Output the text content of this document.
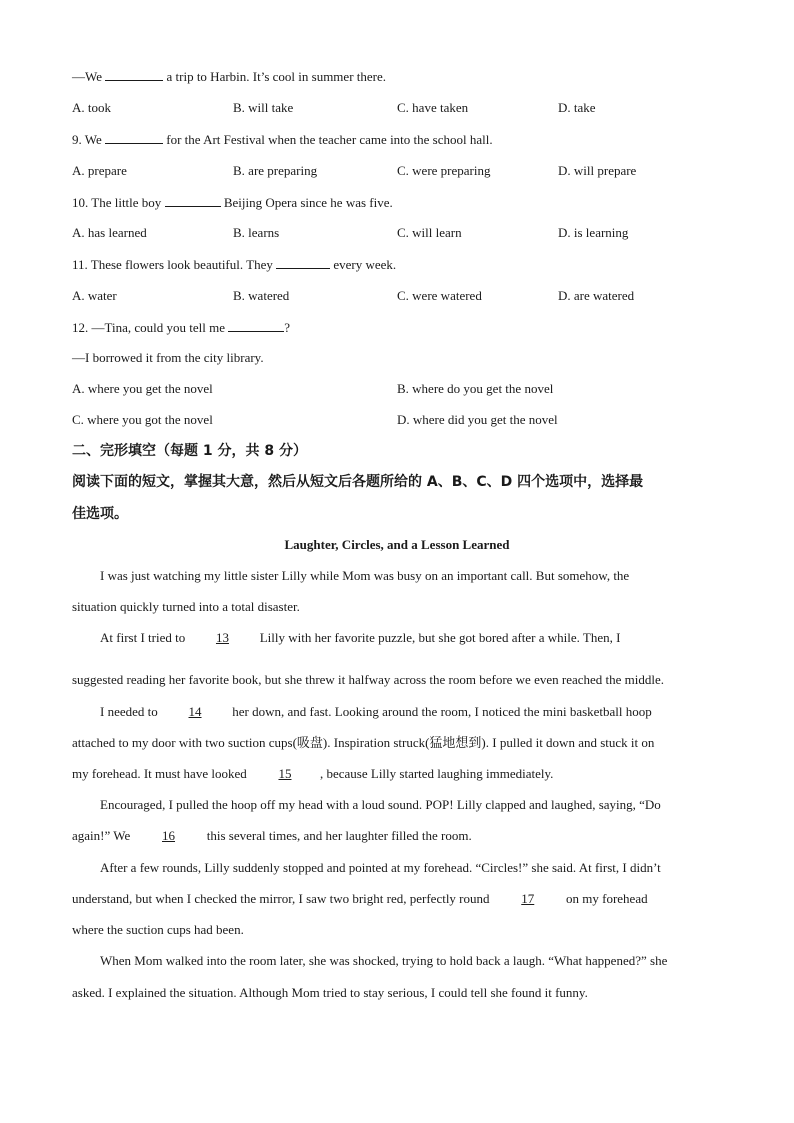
—We	a trip to Harbin. It’s cool in summer there.
A. took	B. will take	C. have taken	D. take
9. We	for the Art Festival when the teacher came into the school hall.
A. prepare	B. are preparing	C. were preparing	D. will prepare
10. The little boy	Beijing Opera since he was five.
A. has learned	B. learns	C. will learn	D. is learning
11. These flowers look beautiful. They	every week.
A. water	B. watered	C. were watered	D. are watered
12. —Tina, could you tell me	?
—I borrowed it from the city library.
A. where you get the novel	B. where do you get the novel
C. where you got the novel	D. where did you get the novel
二、完形填空（每题 1 分，共 8 分）
阅读下面的短文，掌握其大意，然后从短文后各题所给的 A、B、C、D 四个选项中，选择最
佳选项。
Laughter, Circles, and a Lesson Learned
I was just watching my little sister Lilly while Mom was busy on an important call. But somehow, the
situation quickly turned into a total disaster.
At first I tried to 13 Lilly with her favorite puzzle, but she got bored after a while. Then, I
suggested reading her favorite book, but she threw it halfway across the room before we even reached the middle.
I needed to 14 her down, and fast. Looking around the room, I noticed the mini basketball hoop
attached to my door with two suction cups(吸盘). Inspiration struck(猛地想到). I pulled it down and stuck it on
my forehead. It must have looked 15 , because Lilly started laughing immediately.
Encouraged, I pulled the hoop off my head with a loud sound. POP! Lilly clapped and laughed, saying, “Do
again!” We 16 this several times, and her laughter filled the room.
After a few rounds, Lilly suddenly stopped and pointed at my forehead. “Circles!” she said. At first, I didn’t
understand, but when I checked the mirror, I saw two bright red, perfectly round 17 on my forehead
where the suction cups had been.
When Mom walked into the room later, she was shocked, trying to hold back a laugh. “What happened?” she
asked. I explained the situation. Although Mom tried to stay serious, I could tell she found it funny.
